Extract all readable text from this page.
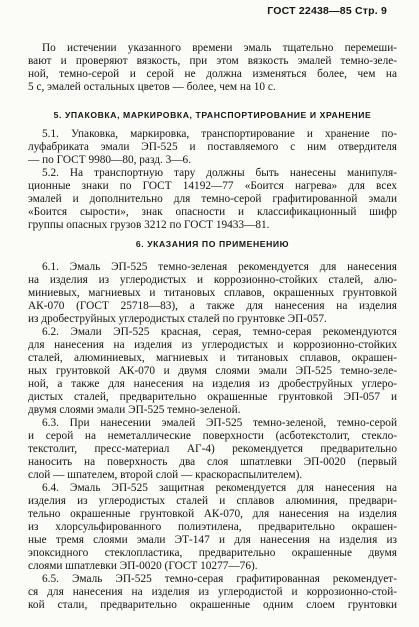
ГОСТ 22438—85 Стр. 9
По истечении указанного времени эмаль тщательно перемеши-
вают и проверяют вязкость, при этом вязкость эмалей темно-зеле-
ной, темно-серой и серой не должна изменяться более, чем на
5 с, эмалей остальных цветов — более, чем на 10 с.
5. УПАКОВКА, МАРКИРОВКА, ТРАНСПОРТИРОВАНИЕ И ХРАНЕНИЕ
5.1. Упаковка, маркировка, транспортирование и хранение по-
луфабриката эмали ЭП-525 и поставляемого с ним отвердителя
— по ГОСТ 9980—80, разд. 3—6.
5.2. На транспортную тару должны быть нанесены манипуля-
ционные знаки по ГОСТ 14192—77 «Боится нагрева» для всех
эмалей и дополнительно для темно-серой графитированной эмали
«Боится сырости», знак опасности и классификационный шифр
группы опасных грузов 3212 по ГОСТ 19433—81.
6. УКАЗАНИЯ ПО ПРИМЕНЕНИЮ
6.1. Эмаль ЭП-525 темно-зеленая рекомендуется для нанесения
на изделия из углеродистых и коррозионно-стойких сталей, алю-
миниевых, магниевых и титановых сплавов, окрашенных грунтовкой
АК-070 (ГОСТ 25718—83), а также для нанесения на изделия
из дробеструйных углеродистых сталей по грунтовке ЭП-057.
6.2. Эмали ЭП-525 красная, серая, темно-серая рекомендуются
для нанесения на изделия из углеродистых и коррозионно-стойких
сталей, алюминиевых, магниевых и титановых сплавов, окрашен-
ных грунтовкой АК-070 и двумя слоями эмали ЭП-525 темно-зеле-
ной, а также для нанесения на изделия из дробеструйных углеро-
дистых сталей, предварительно окрашенные грунтовкой ЭП-057 и
двумя слоями эмали ЭП-525 темно-зеленой.
6.3. При нанесении эмалей ЭП-525 темно-зеленой, темно-серой
и серой на неметаллические поверхности (асботекстолит, стекло-
текстолит, пресс-материал АГ-4) рекомендуется предварительно
наносить на поверхность два слоя шпатлевки ЭП-0020 (первый
слой — шпателем, второй слой — краскораспылителем).
6.4. Эмаль ЭП-525 защитная рекомендуется для нанесения на
изделия из углеродистых сталей и сплавов алюминия, предвари-
тельно окрашенные грунтовкой АК-070, для нанесения на изделия
из хлорсульфированного полиэтилена, предварительно окрашен-
ные тремя слоями эмали ЭТ-147 и для нанесения на изделия из
эпоксидного стеклопластика, предварительно окрашенные двумя
слоями шпатлевки ЭП-0020 (ГОСТ 10277—76).
6.5. Эмаль ЭП-525 темно-серая графитированная рекомендует-
ся для нанесения на изделия из углеродистой и коррозионно-стой-
кой стали, предварительно окрашенные одним слоем грунтовки
